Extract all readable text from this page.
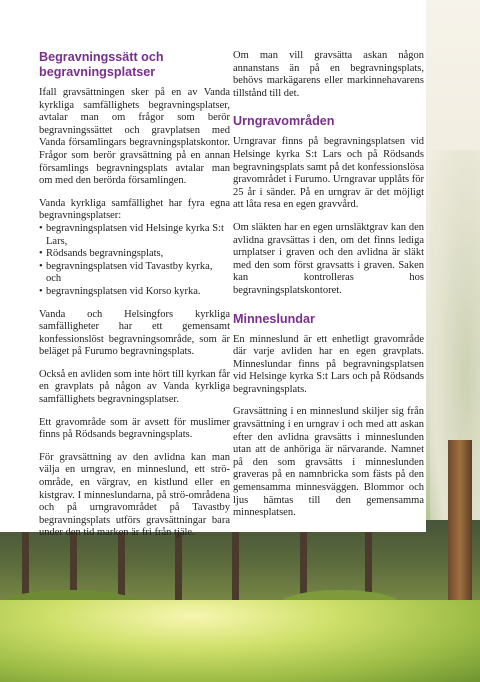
Begravningssätt och begravningsplatser

Ifall gravsättningen sker på en av Vanda kyrkliga samfällighets begravningsplatser, avtalar man om frågor som berör begravningssättet och gravplatsen med Vanda församlingars begravningsplatskontor. Frågor som berör gravsättning på en annan församlings begravningsplats avtalar man om med den berörda församlingen.

Vanda kyrkliga samfällighet har fyra egna begravningsplatser:

• begravningsplatsen vid Helsinge kyrka S:t Lars,
• Rödsands begravningsplats,
• begravningsplatsen vid Tavastby kyrka, och
• begravningsplatsen vid Korso kyrka.

Vanda och Helsingfors kyrkliga samfälligheter har ett gemensamt konfessionslöst begravningsområde, som är beläget på Furumo begravningsplats.

Också en avliden som inte hört till kyrkan får en gravplats på någon av Vanda kyrkliga samfällighets begravningsplatser.

Ett gravområde som är avsett för muslimer finns på Rödsands begravningsplats.

För gravsättning av den avlidna kan man välja en urngrav, en minneslund, ett strö-område, en värgrav, en kistlund eller en kistgrav. I minneslundarna, på strö-områdena och på urngravområdet på Tavastby begravningsplats utförs gravsättningar bara under den tid marken är fri från tjäle.

Om man vill gravsätta askan någon annanstans än på en begravningsplats, behövs markägarens eller markinnehavarens tillstånd till det.

Urngravområden

Urngravar finns på begravningsplatsen vid Helsinge kyrka S:t Lars och på Rödsands begravningsplats samt på det konfessionslösa gravområdet i Furumo. Urngravar upplåts för 25 år i sänder. På en urngrav är det möjligt att låta resa en egen gravvård.

Om släkten har en egen urnsläktgrav kan den avlidna gravsättas i den, om det finns lediga urnplatser i graven och den avlidna är släkt med den som först gravsatts i graven. Saken kan kontrolleras hos begravningsplatskontoret.

Minneslundar

En minneslund är ett enhetligt gravområde där varje avliden har en egen gravplats. Minneslundar finns på begravningsplatsen vid Helsinge kyrka S:t Lars och på Rödsands begravningsplats.

Gravsättning i en minneslund skiljer sig från gravsättning i en urngrav i och med att askan efter den avlidna gravsätts i minneslunden utan att de anhöriga är närvarande. Namnet på den som gravsätts i minneslunden graveras på en namnbricka som fästs på den gemensamma minnesväggen. Blommor och ljus hämtas till den gemensamma minnesplatsen.
